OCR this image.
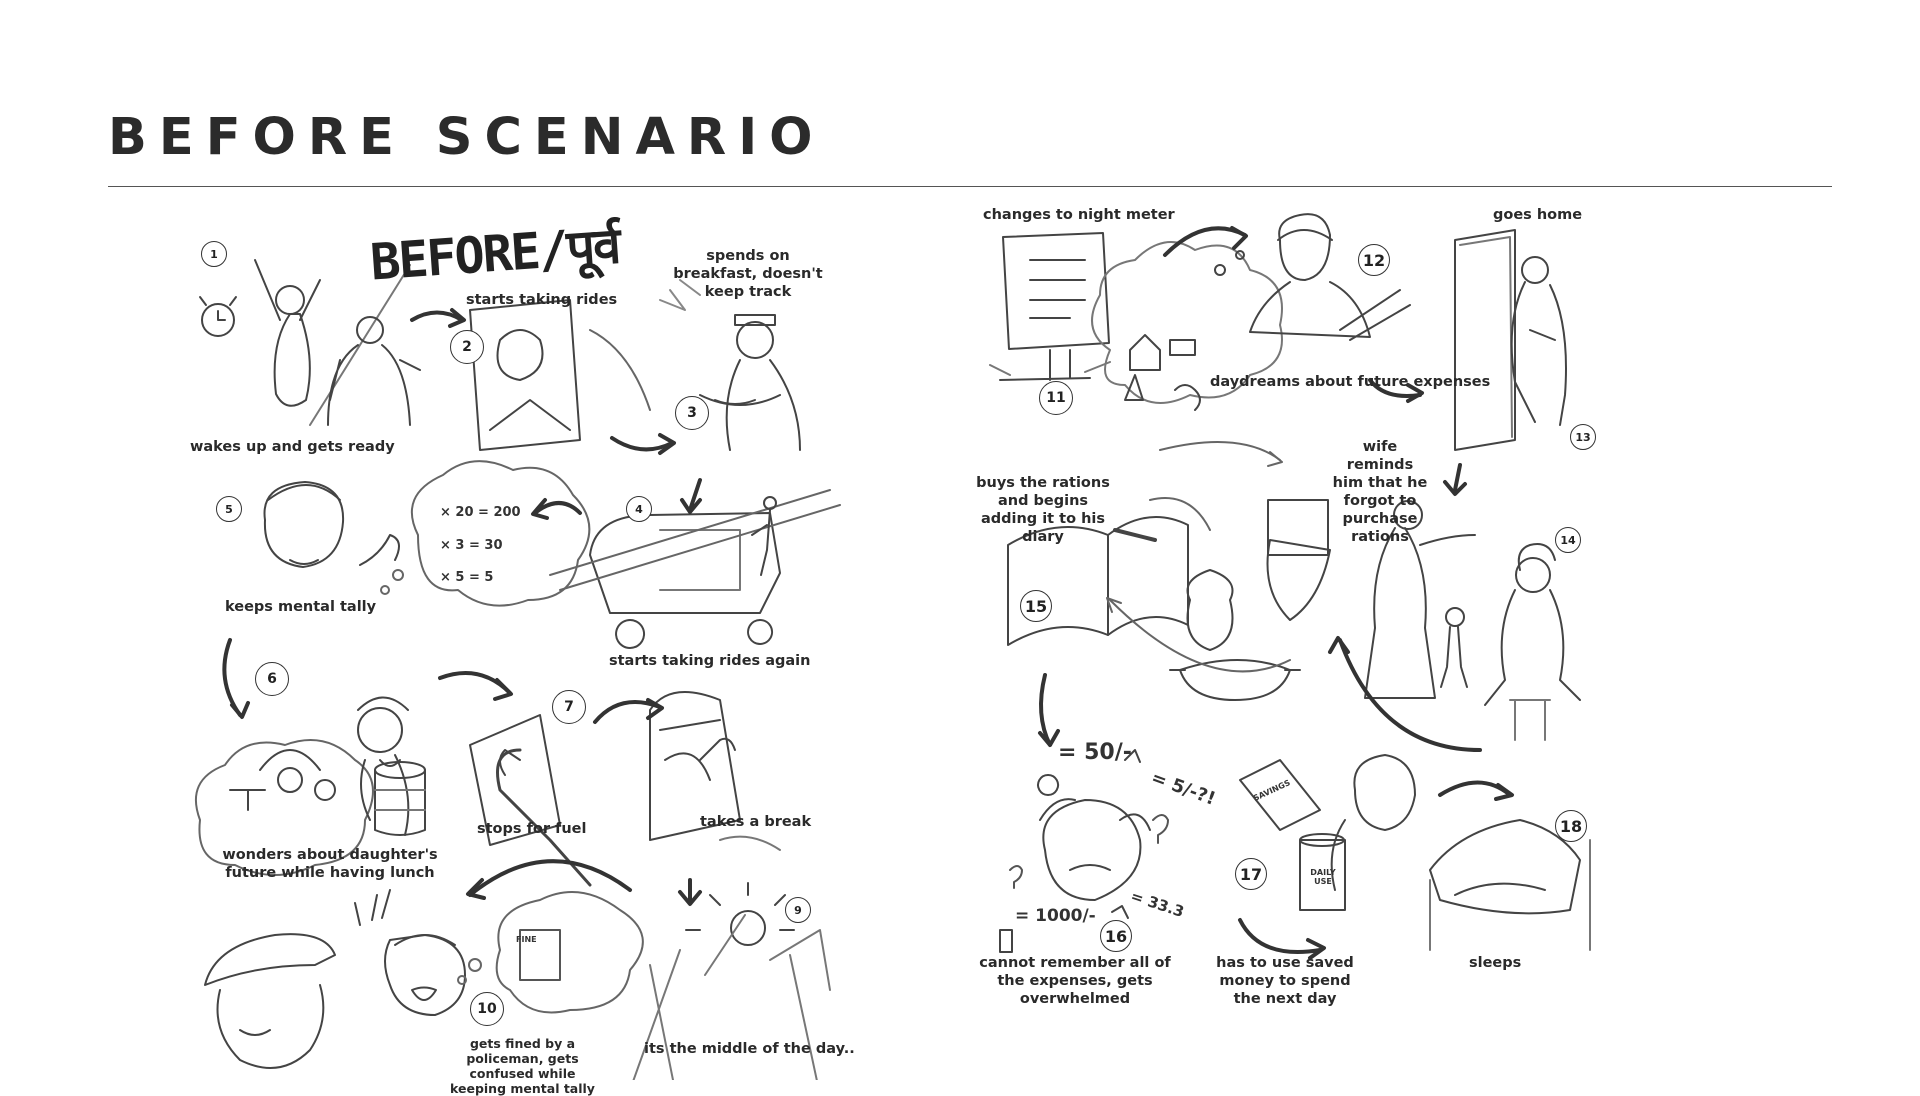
BEFORE SCENARIO
BEFORE/पूर्व
× 20 = 200
× 3 = 30
× 5 = 5
= 50/-
= 5/-?!
= 1000/- = 33.3
FINE
DAILY USE
SAVINGS
1
2
3
4
5
6
7
9
10
11
12
13
14
15
16
17
18
wakes up and gets ready
starts taking rides
spends on breakfast, doesn't keep track
starts taking rides again
keeps mental tally
wonders about daughter's future while having lunch
stops for fuel	takes a break
its the middle of the day..
gets fined by a policeman, gets confused while keeping mental tally
changes to night meter
daydreams about future expenses
goes home
wife reminds him that he forgot to purchase rations
buys the rations and begins adding it to his diary
cannot remember all of the expenses, gets overwhelmed
has to use saved money to spend the next day
sleeps
